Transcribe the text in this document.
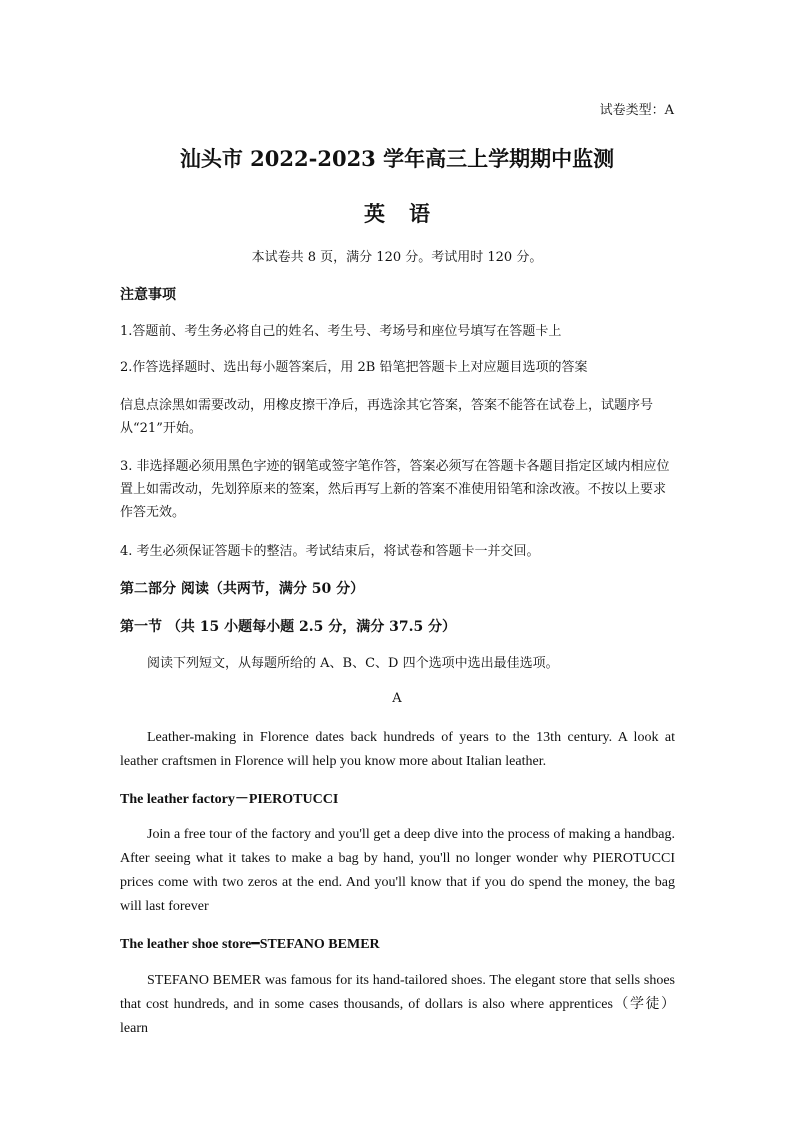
试卷类型：A
汕头市 2022-2023 学年高三上学期期中监测
英语
本试卷共 8 页，满分 120 分。考试用时 120 分。
注意事项
1.答题前、考生务必将自己的姓名、考生号、考场号和座位号填写在答题卡上
2.作答选择题时、选出每小题答案后，用 2B 铅笔把答题卡上对应题目选项的答案
信息点涂黑如需要改动，用橡皮擦干净后，再选涂其它答案，答案不能答在试卷上，试题序号从“21”开始。
3. 非选择题必须用黑色字迹的钢笔或签字笔作答，答案必须写在答题卡各题目指定区域内相应位置上如需改动，先划猝原来的签案，然后再写上新的答案不准使用铅笔和涂改液。不按以上要求作答无效。
4. 考生必须保证答题卡的整洁。考试结束后，将试卷和答题卡一并交回。
第二部分 阅读（共两节，满分 50 分）
第一节 （共 15 小题每小题 2.5 分，满分 37.5 分）
阅读下列短文，从每题所给的 A、B、C、D 四个选项中选出最佳选项。
A
Leather-making in Florence dates back hundreds of years to the 13th century. A look at leather craftsmen in Florence will help you know more about Italian leather.
The leather factory－PIEROTUCCI
Join a free tour of the factory and you'll get a deep dive into the process of making a handbag. After seeing what it takes to make a bag by hand, you'll no longer wonder why PIEROTUCCI prices come with two zeros at the end. And you'll know that if you do spend the money, the bag will last forever
The leather shoe store━STEFANO BEMER
STEFANO BEMER was famous for its hand-tailored shoes. The elegant store that sells shoes that cost hundreds, and in some cases thousands, of dollars is also where apprentices（学徒）learn
